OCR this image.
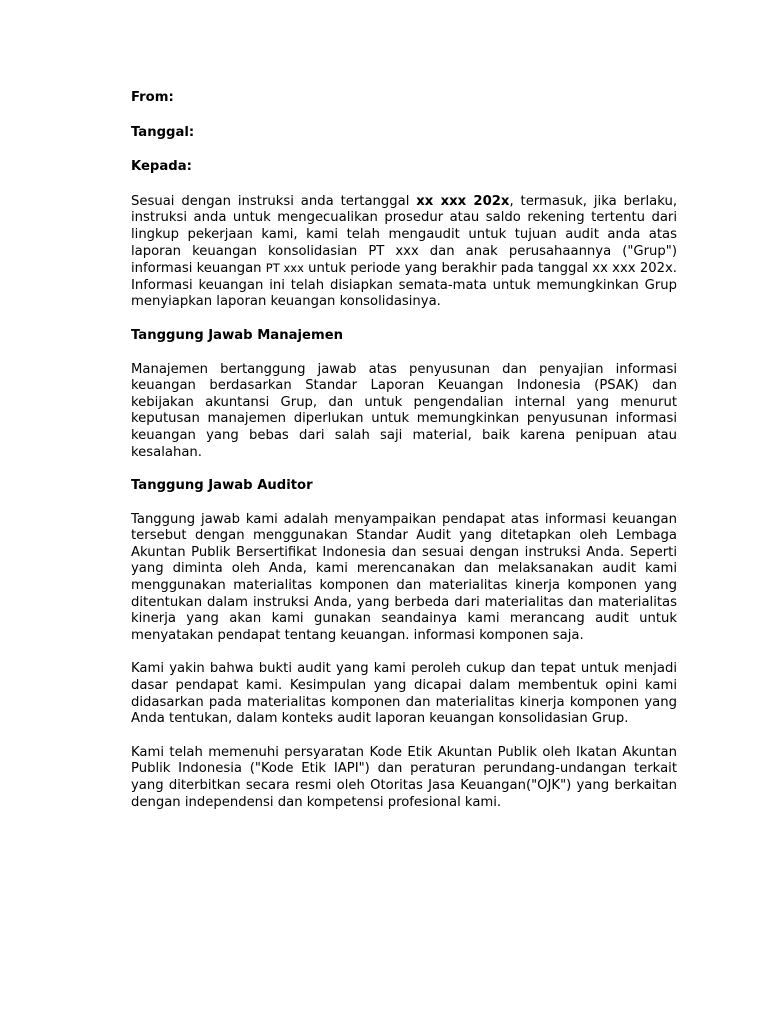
From:
Tanggal:
Kepada:

Sesuai dengan instruksi anda tertanggal xx xxx 202x, termasuk, jika berlaku, instruksi anda untuk mengecualikan prosedur atau saldo rekening tertentu dari lingkup pekerjaan kami, kami telah mengaudit untuk tujuan audit anda atas laporan keuangan konsolidasian PT xxx dan anak perusahaannya ("Grup") informasi keuangan PT xxx untuk periode yang berakhir pada tanggal xx xxx 202x. Informasi keuangan ini telah disiapkan semata-mata untuk memungkinkan Grup menyiapkan laporan keuangan konsolidasinya.

Tanggung Jawab Manajemen

Manajemen bertanggung jawab atas penyusunan dan penyajian informasi keuangan berdasarkan Standar Laporan Keuangan Indonesia (PSAK) dan kebijakan akuntansi Grup, dan untuk pengendalian internal yang menurut keputusan manajemen diperlukan untuk memungkinkan penyusunan informasi keuangan yang bebas dari salah saji material, baik karena penipuan atau kesalahan.

Tanggung Jawab Auditor

Tanggung jawab kami adalah menyampaikan pendapat atas informasi keuangan tersebut dengan menggunakan Standar Audit yang ditetapkan oleh Lembaga Akuntan Publik Bersertifikat Indonesia dan sesuai dengan instruksi Anda. Seperti yang diminta oleh Anda, kami merencanakan dan melaksanakan audit kami menggunakan materialitas komponen dan materialitas kinerja komponen yang ditentukan dalam instruksi Anda, yang berbeda dari materialitas dan materialitas kinerja yang akan kami gunakan seandainya kami merancang audit untuk menyatakan pendapat tentang keuangan. informasi komponen saja.

Kami yakin bahwa bukti audit yang kami peroleh cukup dan tepat untuk menjadi dasar pendapat kami. Kesimpulan yang dicapai dalam membentuk opini kami didasarkan pada materialitas komponen dan materialitas kinerja komponen yang Anda tentukan, dalam konteks audit laporan keuangan konsolidasian Grup.

Kami telah memenuhi persyaratan Kode Etik Akuntan Publik oleh Ikatan Akuntan Publik Indonesia ("Kode Etik IAPI") dan peraturan perundang-undangan terkait yang diterbitkan secara resmi oleh Otoritas Jasa Keuangan("OJK") yang berkaitan dengan independensi dan kompetensi profesional kami.
